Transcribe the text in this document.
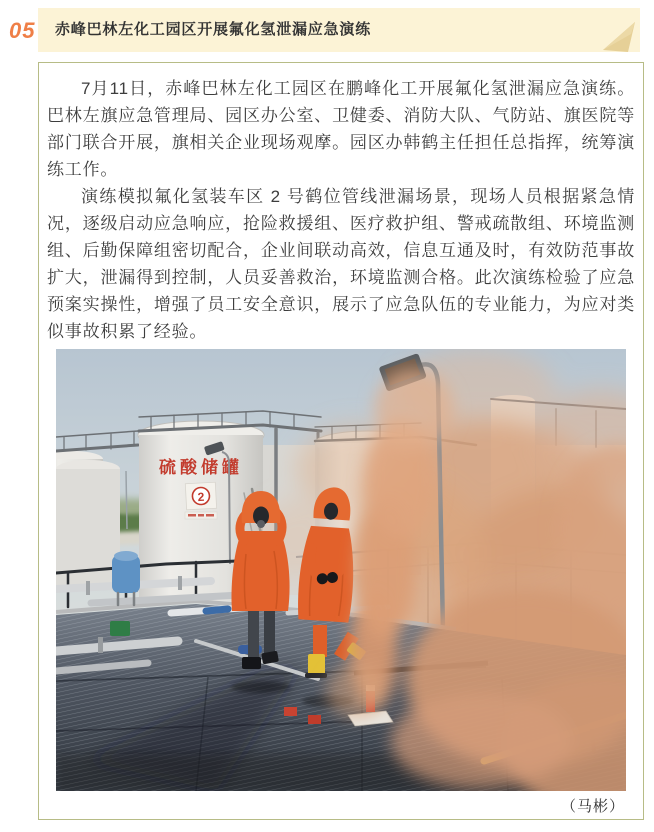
05	赤峰巴林左化工园区开展氟化氢泄漏应急演练

7月11日，赤峰巴林左化工园区在鹏峰化工开展氟化氢泄漏应急演练。巴林左旗应急管理局、园区办公室、卫健委、消防大队、气防站、旗医院等部门联合开展，旗相关企业现场观摩。园区办韩鹤主任担任总指挥，统筹演练工作。

演练模拟氟化氢装车区 2 号鹤位管线泄漏场景，现场人员根据紧急情况，逐级启动应急响应，抢险救援组、医疗救护组、警戒疏散组、环境监测组、后勤保障组密切配合，企业间联动高效，信息互通及时，有效防范事故扩大，泄漏得到控制，人员妥善救治，环境监测合格。此次演练检验了应急预案实操性，增强了员工安全意识，展示了应急队伍的专业能力，为应对类似事故积累了经验。

硫酸储罐
2
（马彬）
